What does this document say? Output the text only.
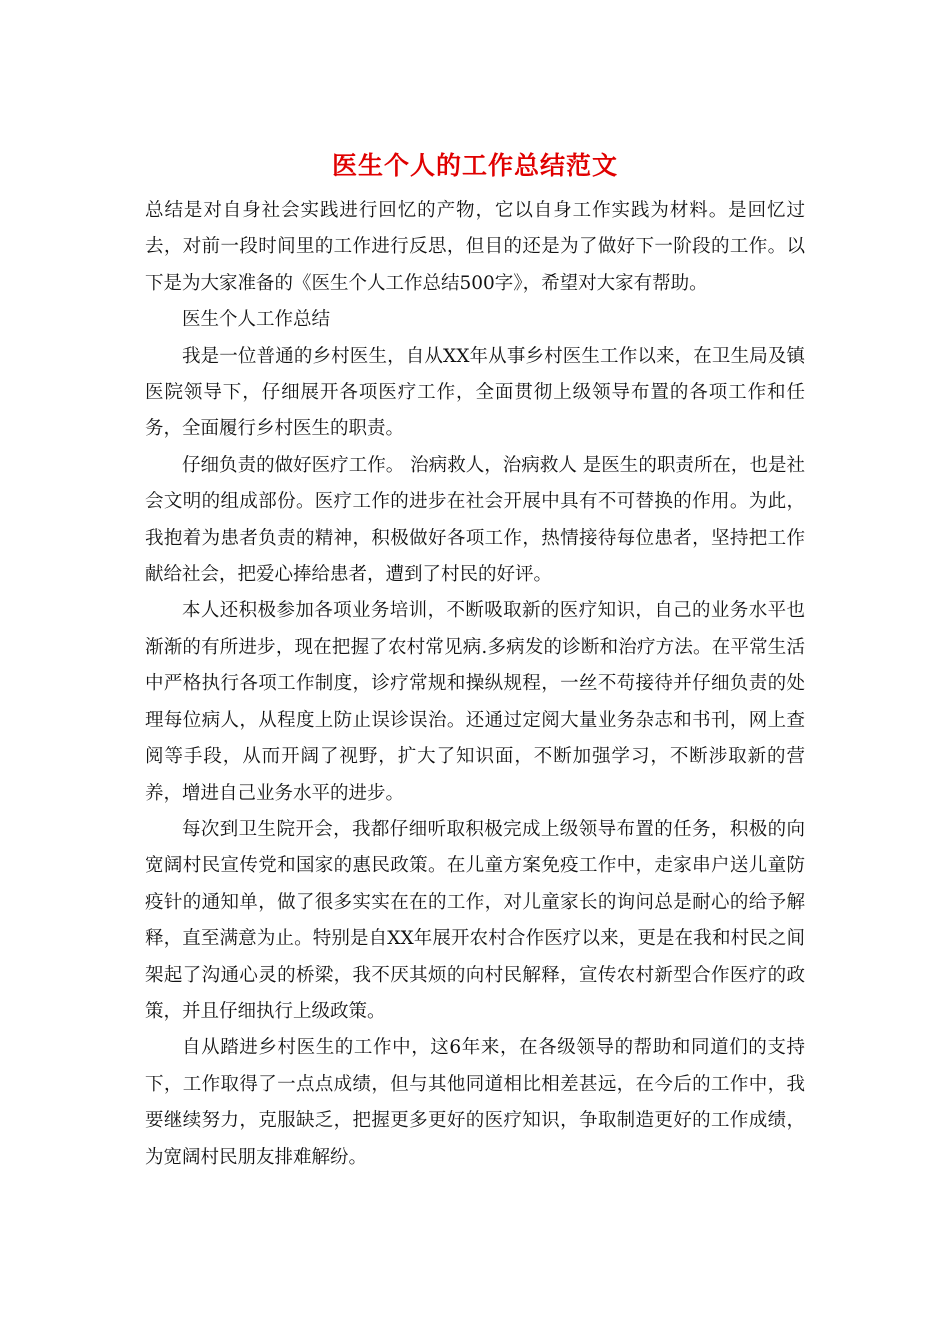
医生个人的工作总结范文

总结是对自身社会实践进行回忆的产物，它以自身工作实践为材料。是回忆过去，对前一段时间里的工作进行反思，但目的还是为了做好下一阶段的工作。以下是为大家准备的《医生个人工作总结500字》，希望对大家有帮助。

医生个人工作总结

我是一位普通的乡村医生，自从XX年从事乡村医生工作以来，在卫生局及镇医院领导下，仔细展开各项医疗工作，全面贯彻上级领导布置的各项工作和任务，全面履行乡村医生的职责。

仔细负责的做好医疗工作。 治病救人，治病救人 是医生的职责所在，也是社会文明的组成部份。医疗工作的进步在社会开展中具有不可替换的作用。为此，我抱着为患者负责的精神，积极做好各项工作，热情接待每位患者，坚持把工作献给社会，把爱心捧给患者，遭到了村民的好评。

本人还积极参加各项业务培训，不断吸取新的医疗知识，自己的业务水平也渐渐的有所进步，现在把握了农村常见病.多病发的诊断和治疗方法。在平常生活中严格执行各项工作制度，诊疗常规和操纵规程，一丝不苟接待并仔细负责的处理每位病人，从程度上防止误诊误治。还通过定阅大量业务杂志和书刊，网上查阅等手段，从而开阔了视野，扩大了知识面，不断加强学习，不断涉取新的营养，增进自己业务水平的进步。

每次到卫生院开会，我都仔细听取积极完成上级领导布置的任务，积极的向宽阔村民宣传党和国家的惠民政策。在儿童方案免疫工作中，走家串户送儿童防疫针的通知单，做了很多实实在在的工作，对儿童家长的询问总是耐心的给予解释，直至满意为止。特别是自XX年展开农村合作医疗以来，更是在我和村民之间架起了沟通心灵的桥梁，我不厌其烦的向村民解释，宣传农村新型合作医疗的政策，并且仔细执行上级政策。

自从踏进乡村医生的工作中，这6年来，在各级领导的帮助和同道们的支持下，工作取得了一点点成绩，但与其他同道相比相差甚远，在今后的工作中，我要继续努力，克服缺乏，把握更多更好的医疗知识，争取制造更好的工作成绩，为宽阔村民朋友排难解纷。
